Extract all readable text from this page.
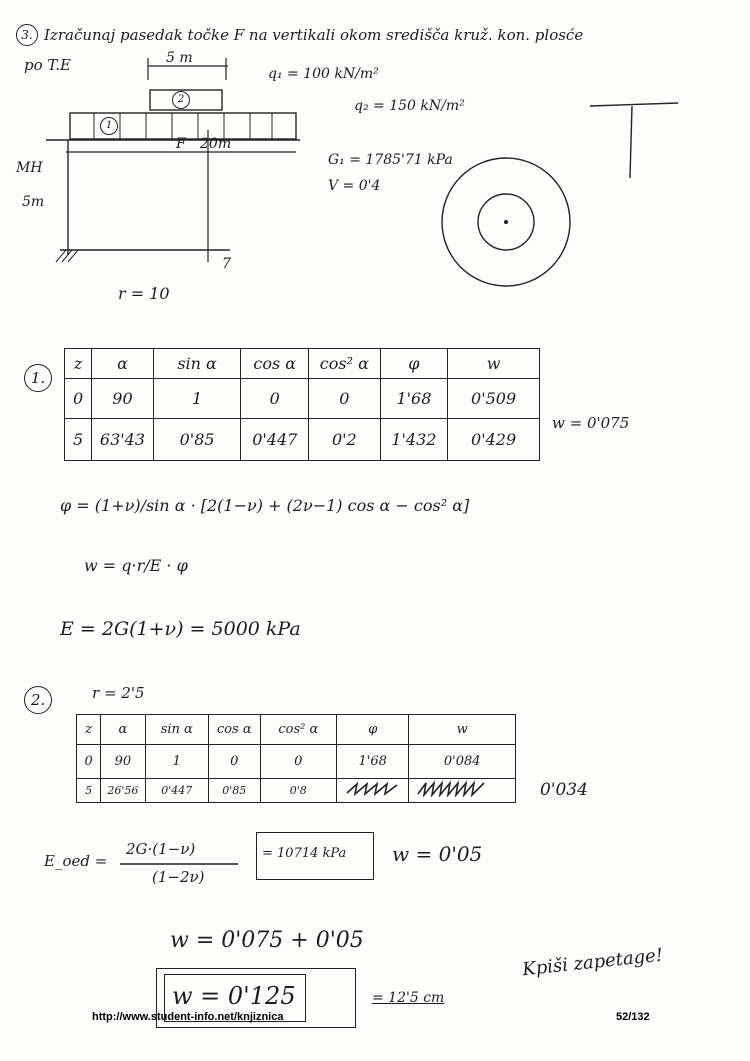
3. Izračunaj pasedak točke F na vertikali okom središča kruž. kon. plosće
po T.E	5 m
q₁ = 100 kN/m²
q₂ = 150 kN/m²
2
1
F 20m
G₁ = 1785'71 kPa
V = 0'4
MH
5m
7
r = 10
1.
z	α	sin α	cos α	cos² α	φ	w
0	90	1	0	0	1'68	0'509
5	63'43	0'85	0'447	0'2	1'432	0'429
w = 0'075
φ = (1+ν)/sin α · [2(1−ν) + (2ν−1) cos α − cos² α]
w = q·r/E · φ
E = 2G(1+ν) = 5000 kPa
2.	r = 2'5
z	α	sin α	cos α	cos² α	φ	w
0	90	1	0	0	1'68	0'084
5	26'56	0'447	0'85	0'8			0'034
E_oed =
2G·(1−ν)
(1−2ν)
= 10714 kPa w = 0'05
w = 0'075 + 0'05
w = 0'125	= 12'5 cm
Kpiši zapetage!
http://www.student-info.net/knjiznica	52/132
